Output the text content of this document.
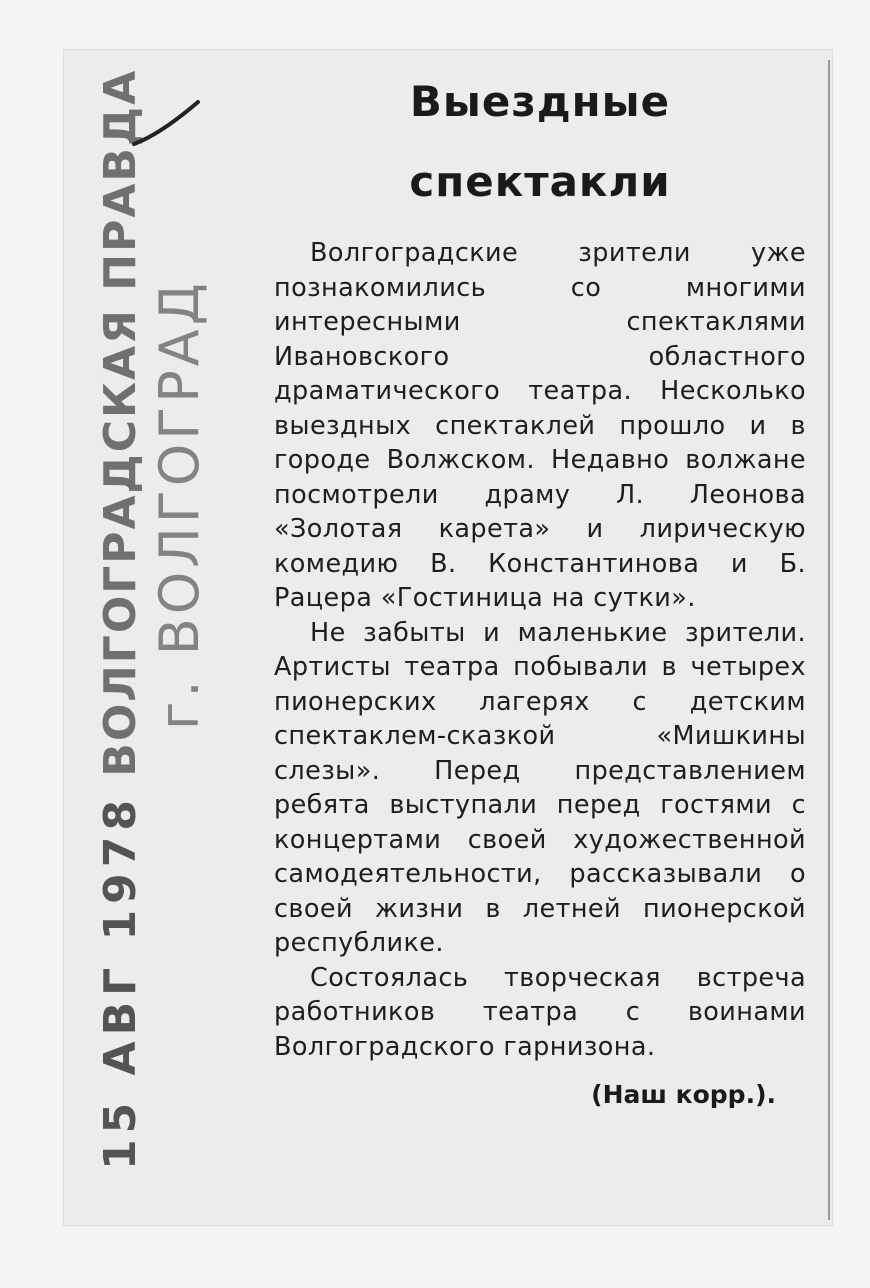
15 АВГ 1978 ВОЛГОГРАДСКАЯ ПРАВДА г. ВОЛГОГРАД
Выездные
спектакли

Волгоградские зрители уже познакомились со многими интересными спектаклями Ивановского областного драматического театра. Несколько выездных спектаклей прошло и в городе Волжском. Недавно волжане посмотрели драму Л. Леонова «Золотая карета» и лирическую комедию В. Константинова и Б. Рацера «Гостиница на сутки».

Не забыты и маленькие зрители. Артисты театра побывали в четырех пионерских лагерях с детским спектаклем-сказкой «Мишкины слезы». Перед представлением ребята выступали перед гостями с концертами своей художественной самодеятельности, рассказывали о своей жизни в летней пионерской республике.

Состоялась творческая встреча работников театра с воинами Волгоградского гарнизона.

(Наш корр.).
